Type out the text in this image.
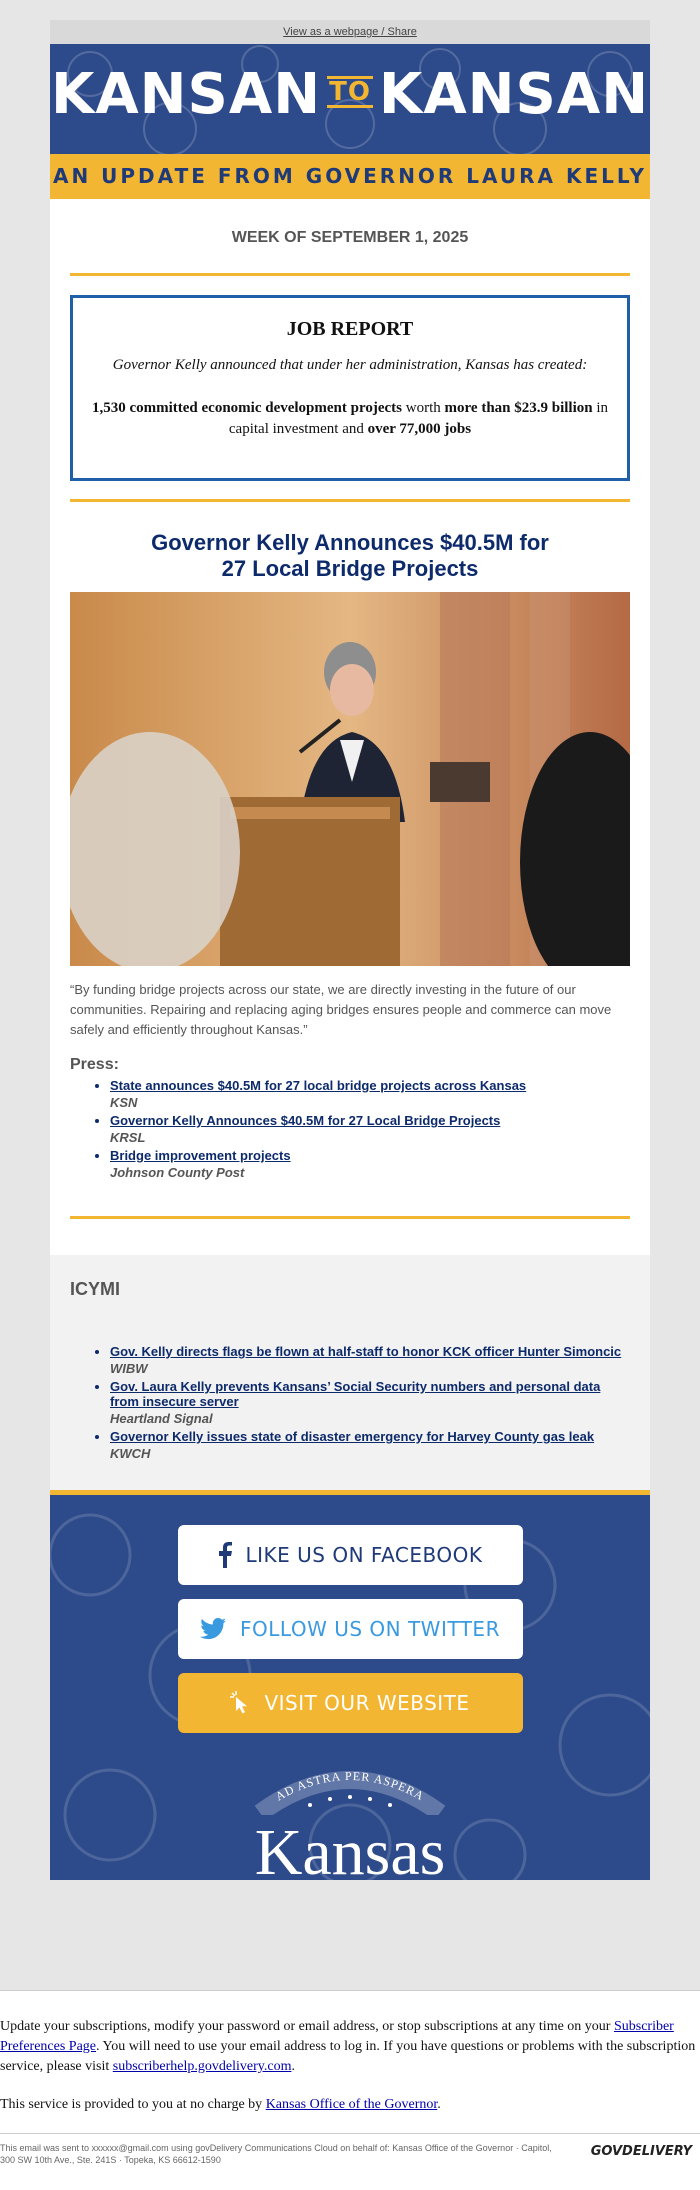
View as a webpage / Share
KANSAN TO KANSAN
AN UPDATE FROM GOVERNOR LAURA KELLY
WEEK OF SEPTEMBER 1, 2025
JOB REPORT

Governor Kelly announced that under her administration, Kansas has created:

1,530 committed economic development projects worth more than $23.9 billion in capital investment and over 77,000 jobs

Governor Kelly Announces $40.5M for
27 Local Bridge Projects

“By funding bridge projects across our state, we are directly investing in the future of our communities. Repairing and replacing aging bridges ensures people and commerce can move safely and efficiently throughout Kansas.”

Press:
• State announces $40.5M for 27 local bridge projects across Kansas
KSN
• Governor Kelly Announces $40.5M for 27 Local Bridge Projects
KRSL
• Bridge improvement projects
Johnson County Post
ICYMI
• Gov. Kelly directs flags be flown at half-staff to honor KCK officer Hunter Simoncic
WIBW
• Gov. Laura Kelly prevents Kansans’ Social Security numbers and personal data from insecure server
Heartland Signal
• Governor Kelly issues state of disaster emergency for Harvey County gas leak
KWCH
LIKE US ON FACEBOOK
FOLLOW US ON TWITTER
VISIT OUR WEBSITE
AD ASTRA PER ASPERA
Kansas

Update your subscriptions, modify your password or email address, or stop subscriptions at any time on your Subscriber Preferences Page. You will need to use your email address to log in. If you have questions or problems with the subscription service, please visit subscriberhelp.govdelivery.com.

This service is provided to you at no charge by Kansas Office of the Governor.

This email was sent to xxxxxx@gmail.com using govDelivery Communications Cloud on behalf of: Kansas Office of the Governor · Capitol, 300 SW 10th Ave., Ste. 241S · Topeka, KS 66612-1590
GOVDELIVERY
